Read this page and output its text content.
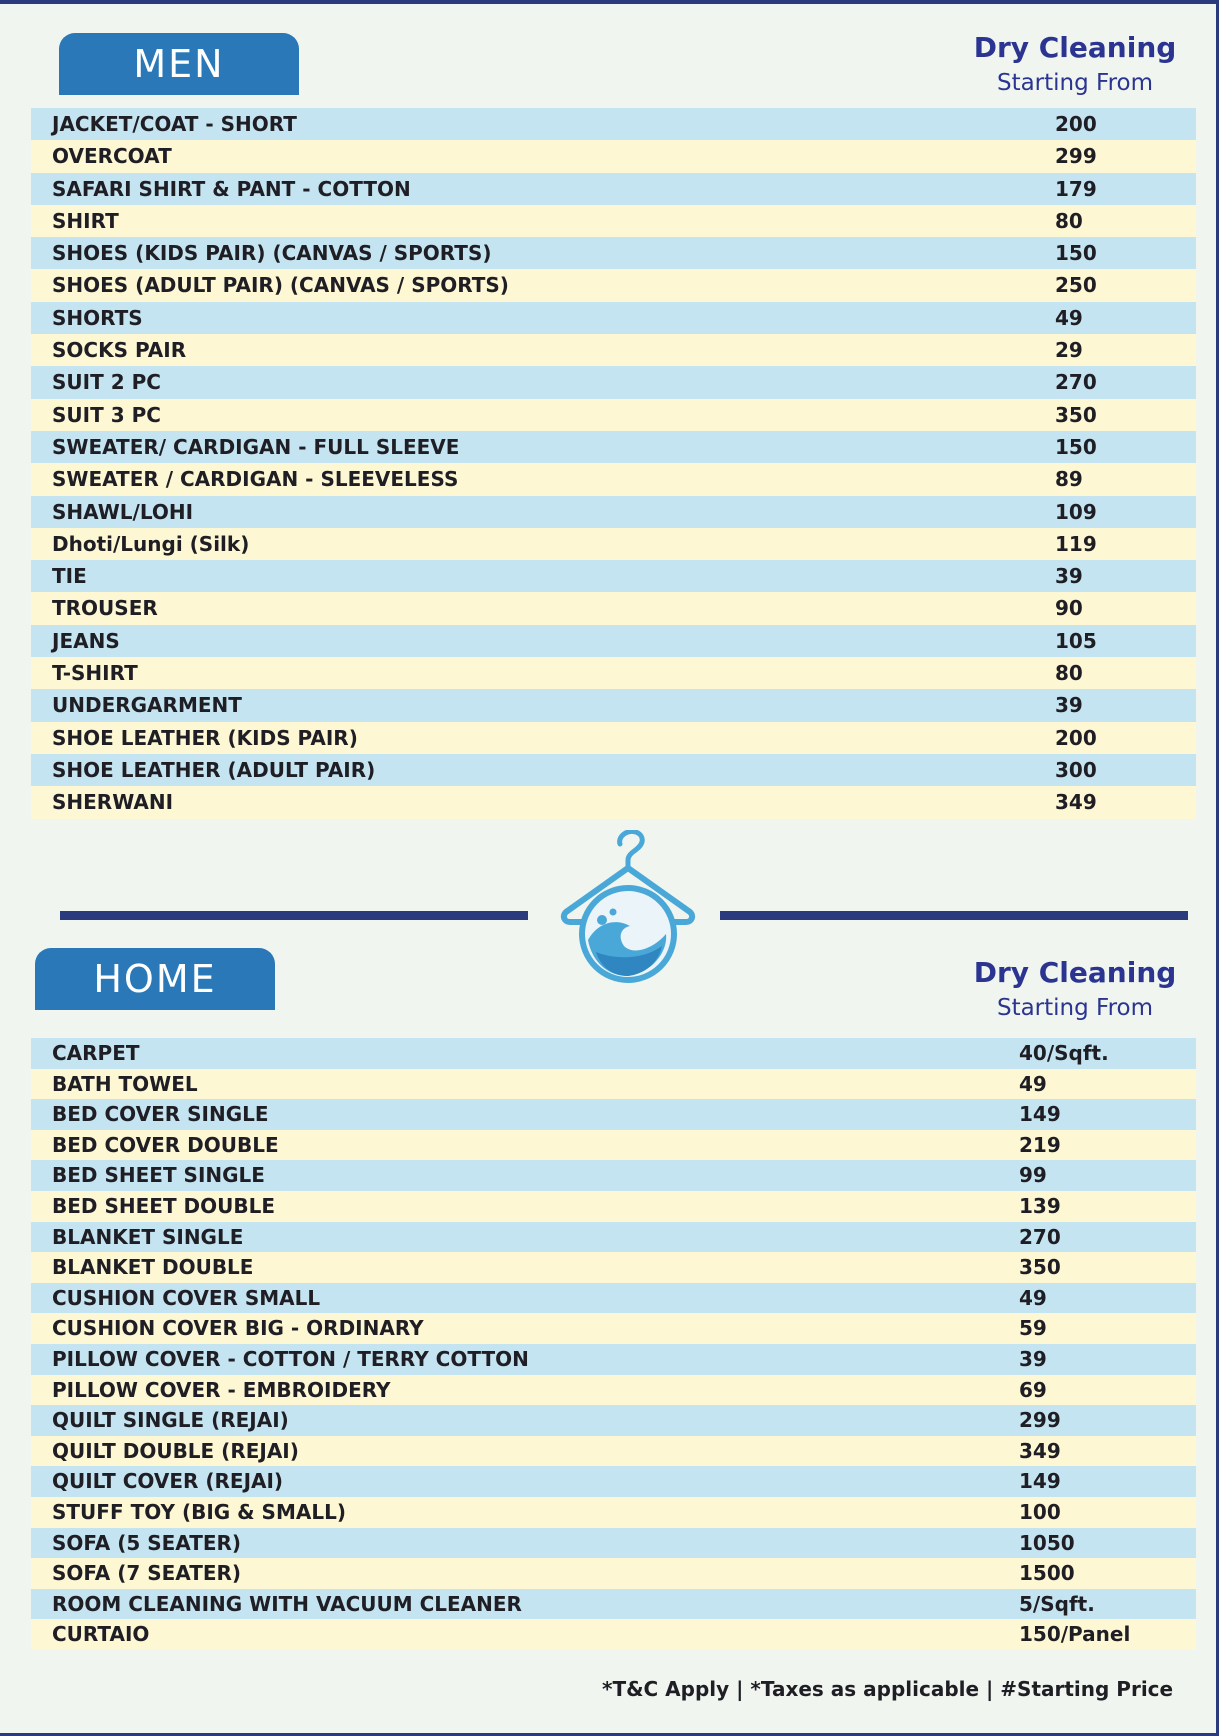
MEN	Dry Cleaning
Starting From
JACKET/COAT - SHORT	200
OVERCOAT	299
SAFARI SHIRT & PANT - COTTON	179
SHIRT	80
SHOES (KIDS PAIR) (CANVAS / SPORTS)	150
SHOES (ADULT PAIR) (CANVAS / SPORTS)	250
SHORTS	49
SOCKS PAIR	29
SUIT 2 PC	270
SUIT 3 PC	350
SWEATER/ CARDIGAN - FULL SLEEVE	150
SWEATER / CARDIGAN - SLEEVELESS	89
SHAWL/LOHI	109
Dhoti/Lungi (Silk)	119
TIE	39
TROUSER	90
JEANS	105
T-SHIRT	80
UNDERGARMENT	39
SHOE LEATHER (KIDS PAIR)	200
SHOE LEATHER (ADULT PAIR)	300
SHERWANI	349
HOME	Dry Cleaning
Starting From
CARPET	40/Sqft.
BATH TOWEL	49
BED COVER SINGLE	149
BED COVER DOUBLE	219
BED SHEET SINGLE	99
BED SHEET DOUBLE	139
BLANKET SINGLE	270
BLANKET DOUBLE	350
CUSHION COVER SMALL	49
CUSHION COVER BIG - ORDINARY	59
PILLOW COVER - COTTON / TERRY COTTON	39
PILLOW COVER - EMBROIDERY	69
QUILT SINGLE (REJAI)	299
QUILT DOUBLE (REJAI)	349
QUILT COVER (REJAI)	149
STUFF TOY (BIG & SMALL)	100
SOFA (5 SEATER)	1050
SOFA (7 SEATER)	1500
ROOM CLEANING WITH VACUUM CLEANER	5/Sqft.
CURTAIO	150/Panel
*T&C Apply | *Taxes as applicable | #Starting Price
